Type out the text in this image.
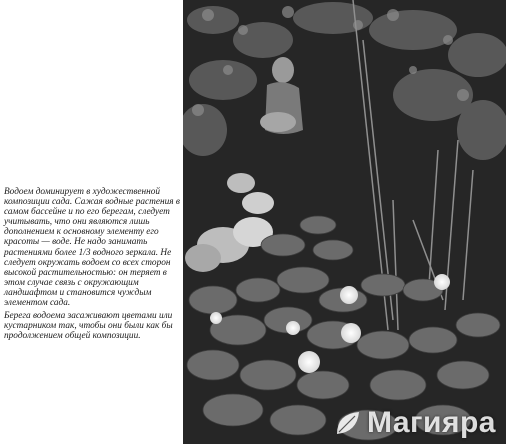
Водоем доминирует в художественной композиции сада. Сажая водные растения в самом бассейне и по его берегам, следует учитывать, что они являются лишь дополнением к основному элементу его красоты — воде. Не надо занимать растениями более 1/3 водного зеркала. Не следует окружать водоем со всех сторон высокой растительностью: он теряет в этом случае связь с окружающим ландшафтом и становится чуждым элементом сада.

Берега водоема засаживают цветами или кустарником так, чтобы они были как бы продолжением общей композиции.

Магияра
